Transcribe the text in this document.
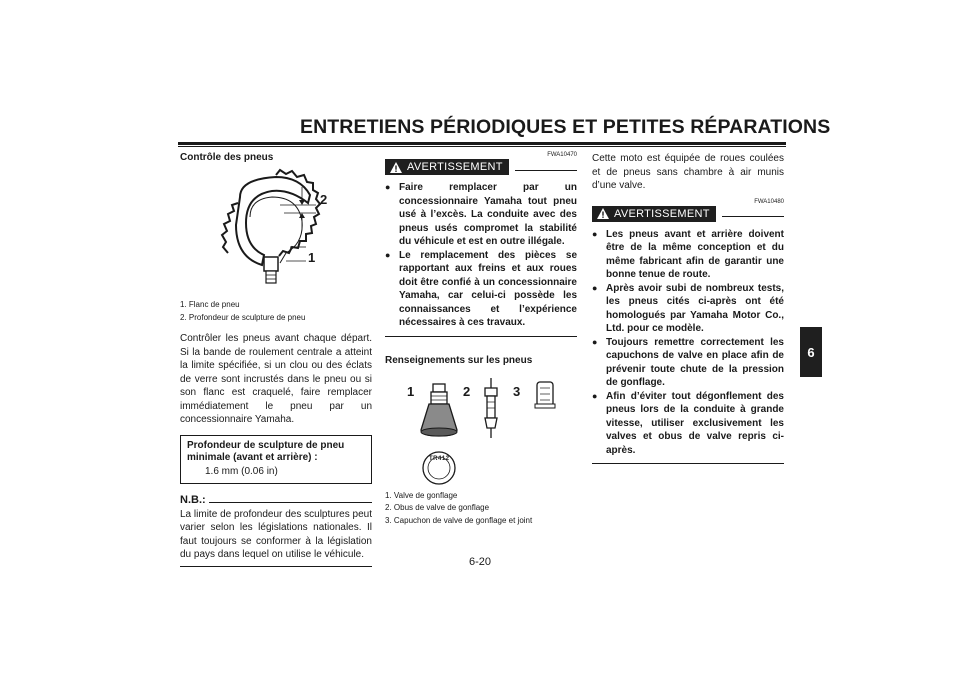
ENTRETIENS PÉRIODIQUES ET PETITES RÉPARATIONS
6

Contrôle des pneus

2
1

1. Flanc de pneu

2. Profondeur de sculpture de pneu

Contrôler les pneus avant chaque départ. Si la bande de roulement centrale a atteint la limite spécifiée, si un clou ou des éclats de verre sont incrustés dans le pneu ou si son flanc est craquelé, faire remplacer immédiatement le pneu par un concessionnaire Yamaha.

Profondeur de sculpture de pneu minimale (avant et arrière) :

1.6 mm (0.06 in)

N.B.:

La limite de profondeur des sculptures peut varier selon les législations nationales. Il faut toujours se conformer à la législation du pays dans lequel on utilise le véhicule.

FWA10470

AVERTISSEMENT
● Faire remplacer par un concessionnaire Yamaha tout pneu usé à l’excès. La conduite avec des pneus usés compromet la stabilité du véhicule et est en outre illégale.
● Le remplacement des pièces se rapportant aux freins et aux roues doit être confié à un concessionnaire Yamaha, car celui-ci possède les connaissances et l’expérience nécessaires à ces travaux.

Renseignements sur les pneus

1	2	3
TR412

1. Valve de gonflage

2. Obus de valve de gonflage

3. Capuchon de valve de gonflage et joint

Cette moto est équipée de roues coulées et de pneus sans chambre à air munis d’une valve.

FWA10480

AVERTISSEMENT
● Les pneus avant et arrière doivent être de la même conception et du même fabricant afin de garantir une bonne tenue de route.
● Après avoir subi de nombreux tests, les pneus cités ci-après ont été homologués par Yamaha Motor Co., Ltd. pour ce modèle.
● Toujours remettre correctement les capuchons de valve en place afin de prévenir toute chute de la pression de gonflage.
● Afin d’éviter tout dégonflement des pneus lors de la conduite à grande vitesse, utiliser exclusivement les valves et obus de valve repris ci-après.
6-20
